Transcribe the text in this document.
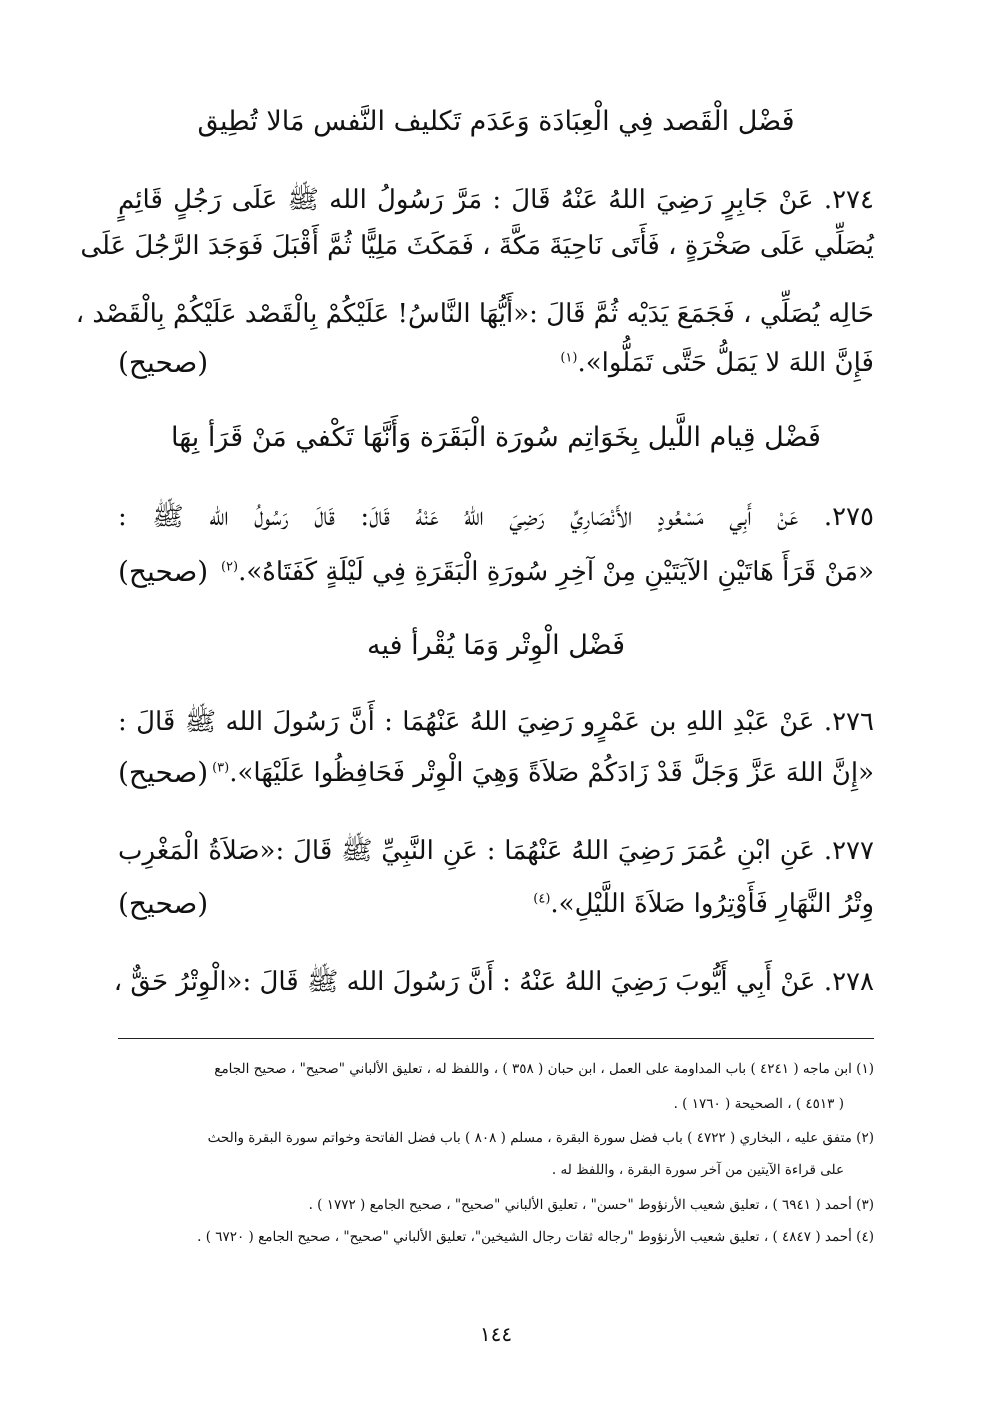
فَضْل الْقَصد فِي الْعِبَادَة وَعَدَم تَكليف النَّفس مَالا تُطِيق
٢٧٤. عَنْ جَابِرٍ رَضِيَ اللهُ عَنْهُ قَالَ : مَرَّ رَسُولُ الله ﷺ عَلَى رَجُلٍ قَائِمٍ
يُصَلِّي عَلَى صَخْرَةٍ ، فَأَتَى نَاحِيَةَ مَكَّةَ ، فَمَكَثَ مَلِيًّا ثُمَّ أَقْبَلَ فَوَجَدَ الرَّجُلَ عَلَى
حَالِه يُصَلِّي ، فَجَمَعَ يَدَيْه ثُمَّ قَالَ :«أَيُّهَا النَّاسُ! عَلَيْكُمْ بِالْقَصْد عَلَيْكُمْ بِالْقَصْد ،
فَإِنَّ اللهَ لا يَمَلُّ حَتَّى تَمَلُّوا».$^{(١)}$
(صحيح)
فَضْل قِيام اللَّيل بِخَوَاتِم سُورَة الْبَقَرَة وَأَنَّهَا تَكْفي مَنْ قَرَأ بِهَا
٢٧٥. عَنْ أَبِي مَسْعُودٍ الأَنْصَارِيِّ رَضِيَ اللهُ عَنْهُ قَالَ: قَالَ رَسُولُ الله ﷺ :
«مَنْ قَرَأَ هَاتَيْنِ الآيَتَيْنِ مِنْ آخِرِ سُورَةِ الْبَقَرَةِ فِي لَيْلَةٍ كَفَتَاهُ».$^{(٢)}$
(صحيح)
فَضْل الْوِتْر وَمَا يُقْرأ فيه
٢٧٦. عَنْ عَبْدِ اللهِ بن عَمْرٍو رَضِيَ اللهُ عَنْهُمَا : أَنَّ رَسُولَ الله ﷺ قَالَ :
«إِنَّ اللهَ عَزَّ وَجَلَّ قَدْ زَادَكُمْ صَلاَةً وَهِيَ الْوِتْر فَحَافِظُوا عَلَيْهَا».$^{(٣)}$
(صحيح)
٢٧٧. عَنِ ابْنِ عُمَرَ رَضِيَ اللهُ عَنْهُمَا : عَنِ النَّبِيِّ ﷺ قَالَ :«صَلاَةُ الْمَغْرِب
وِتْرُ النَّهَارِ فَأَوْتِرُوا صَلاَةَ اللَّيْلِ».$^{(٤)}$
(صحيح)
٢٧٨. عَنْ أَبِي أَيُّوبَ رَضِيَ اللهُ عَنْهُ : أَنَّ رَسُولَ الله ﷺ قَالَ :«الْوِتْرُ حَقٌّ ،
(١) ابن ماجه ( ٤٢٤١ ) باب المداومة على العمل ، ابن حبان ( ٣٥٨ ) ، واللفظ له ، تعليق الألباني "صحيح" ، صحيح الجامع
( ٤٥١٣ ) ، الصحيحة ( ١٧٦٠ ) .
(٢) متفق عليه ، البخاري ( ٤٧٢٢ ) باب فضل سورة البقرة ، مسلم ( ٨٠٨ ) باب فضل الفاتحة وخواتم سورة البقرة والحث
على قراءة الآيتين من آخر سورة البقرة ، واللفظ له .
(٣) أحمد ( ٦٩٤١ ) ، تعليق شعيب الأرنؤوط "حسن" ، تعليق الألباني "صحيح" ، صحيح الجامع ( ١٧٧٢ ) .
(٤) أحمد ( ٤٨٤٧ ) ، تعليق شعيب الأرنؤوط "رجاله ثقات رجال الشيخين"، تعليق الألباني "صحيح" ، صحيح الجامع ( ٦٧٢٠ ) .
١٤٤
